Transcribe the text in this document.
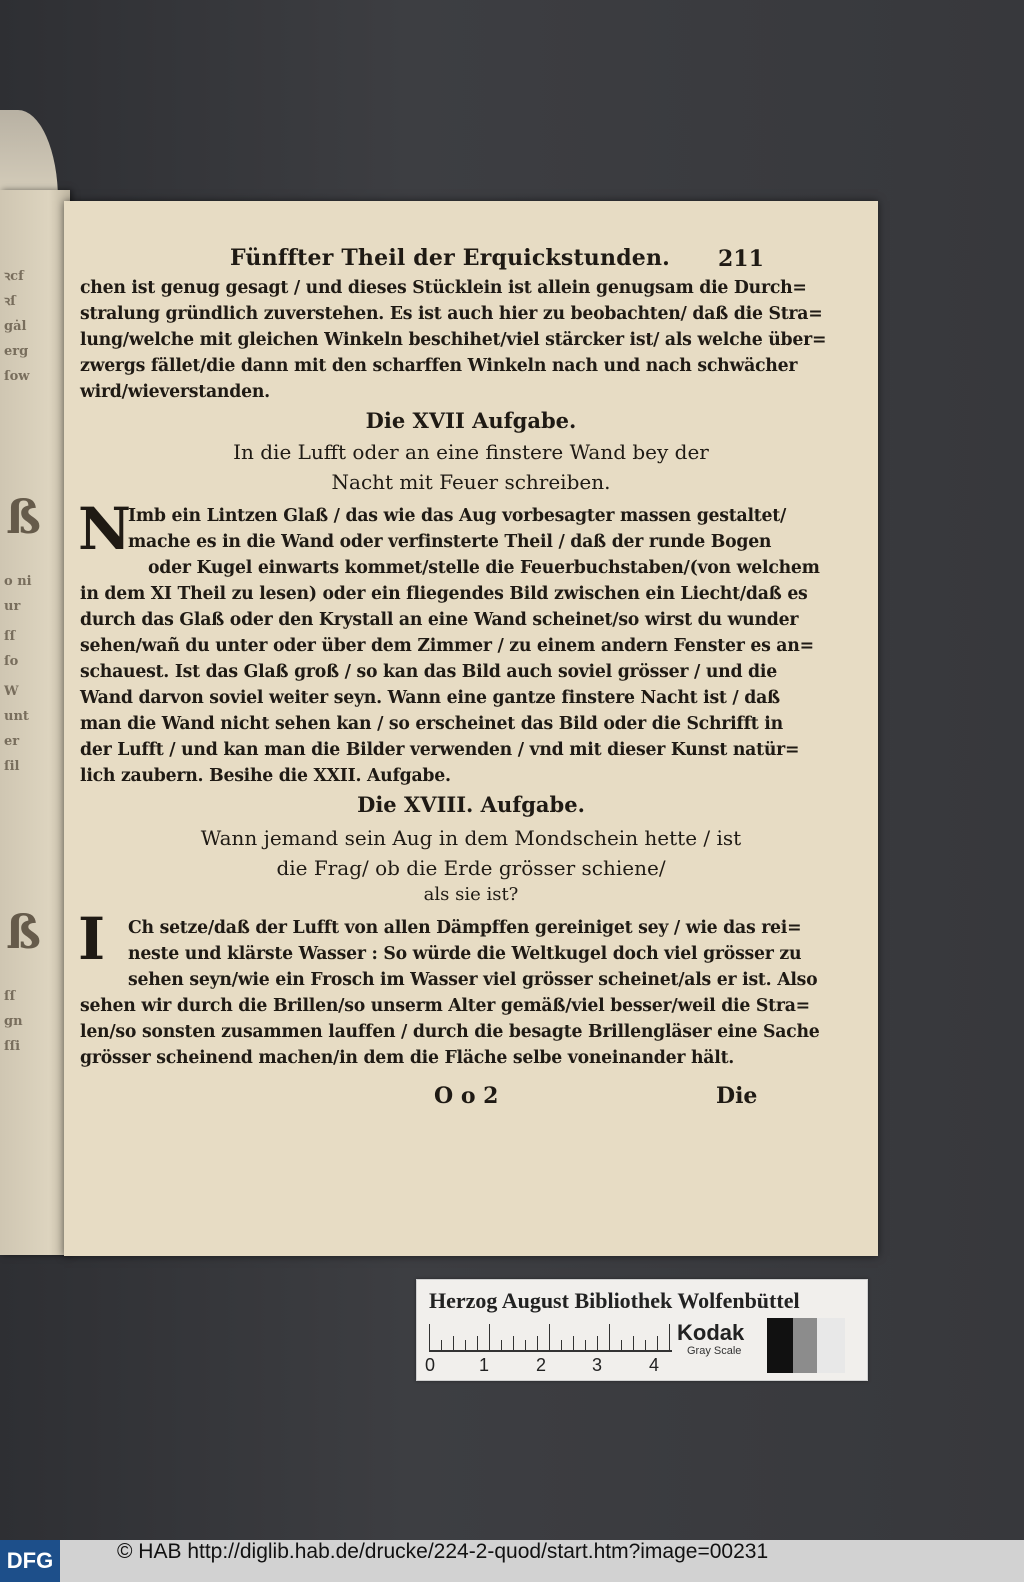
ꝛcf
ꝛſ
gȧl
erg
ſow
ß
o ni
ur
ſſ
ſo
W
unt
er
ſil
ß
ſſ
gn
ſſi
Fünffter Theil der Erquickstunden. 211
chen ist genug gesagt / und dieses Stücklein ist allein genugsam die Durch=
stralung gründlich zuverstehen. Es ist auch hier zu beobachten/ daß die Stra=
lung/welche mit gleichen Winkeln beschihet/viel stärcker ist/ als welche über=
zwergs fället/die dann mit den scharffen Winkeln nach und nach schwächer
wird/wieverstanden.
Die XVII Aufgabe.
In die Lufft oder an eine finstere Wand bey der
Nacht mit Feuer schreiben.
N
Imb ein Lintzen Glaß / das wie das Aug vorbesagter massen gestaltet/
mache es in die Wand oder verfinsterte Theil / daß der runde Bogen
oder Kugel einwarts kommet/stelle die Feuerbuchstaben/(von welchem
in dem XI Theil zu lesen) oder ein fliegendes Bild zwischen ein Liecht/daß es
durch das Glaß oder den Krystall an eine Wand scheinet/so wirst du wunder
sehen/wañ du unter oder über dem Zimmer / zu einem andern Fenster es an=
schauest. Ist das Glaß groß / so kan das Bild auch soviel grösser / und die
Wand darvon soviel weiter seyn. Wann eine gantze finstere Nacht ist / daß
man die Wand nicht sehen kan / so erscheinet das Bild oder die Schrifft in
der Lufft / und kan man die Bilder verwenden / vnd mit dieser Kunst natür=
lich zaubern. Besihe die XXII. Aufgabe.
Die XVIII. Aufgabe.
Wann jemand sein Aug in dem Mondschein hette / ist
die Frag/ ob die Erde grösser schiene/
als sie ist?
I Ch setze/daß der Lufft von allen Dämpffen gereiniget sey / wie das rei=
neste und klärste Wasser : So würde die Weltkugel doch viel grösser zu
sehen seyn/wie ein Frosch im Wasser viel grösser scheinet/als er ist. Also
sehen wir durch die Brillen/so unserm Alter gemäß/viel besser/weil die Stra=
len/so sonsten zusammen lauffen / durch die besagte Brillengläser eine Sache
grösser scheinend machen/in dem die Fläche selbe voneinander hält.
O o 2	Die
Herzog August Bibliothek Wolfenbüttel
0 1	2	3	4
Kodak
Gray Scale
DFG	© HAB http://diglib.hab.de/drucke/224-2-quod/start.htm?image=00231
